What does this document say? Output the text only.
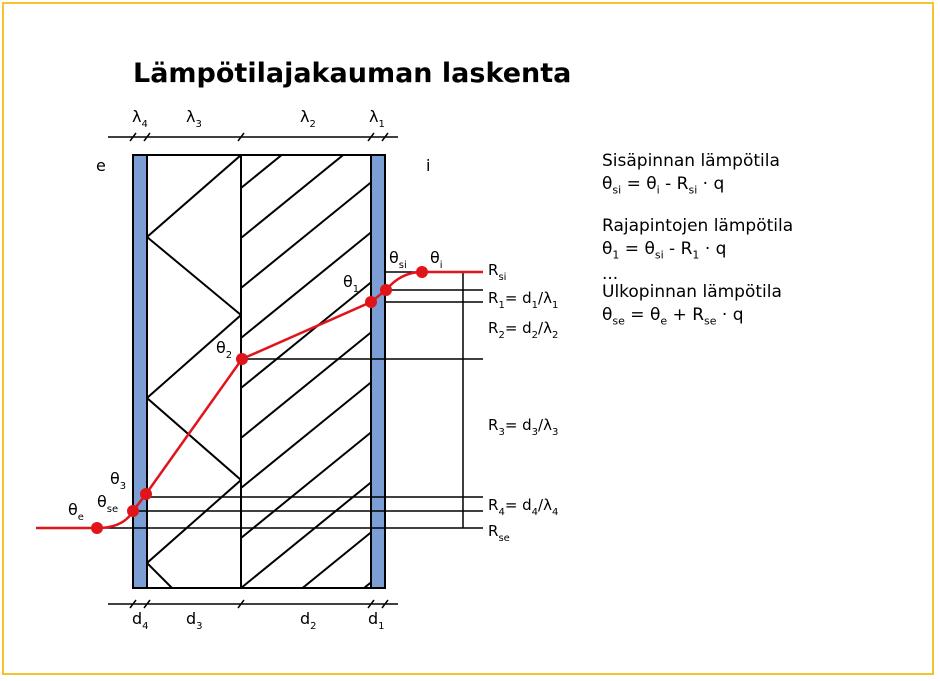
Lämpötilajakauman laskenta
e	i
$\lambda_4$ $\lambda_3$	$\lambda_2$	$\lambda_1$
$d_4$ $d_3$	$d_2$	$d_1$
$\theta_e$
$\theta_{se}$
$\theta_3$
$\theta_2$
$\theta_1$
$\theta_{si}$ $\theta_i$	$R_{si}$
$R_1= d_1/\lambda_1$
$R_2= d_2/\lambda_2$
$R_3= d_3/\lambda_3$
$R_4= d_4/\lambda_4$
$R_{se}$
Sisäpinnan lämpötila
$\theta_{si} = \theta_i - R_{si} \cdot q$
Rajapintojen lämpötila
$\theta_1 = \theta_{si} - R_1 \cdot q$
...
Ulkopinnan lämpötila
$\theta_{se} = \theta_e + R_{se} \cdot q$
